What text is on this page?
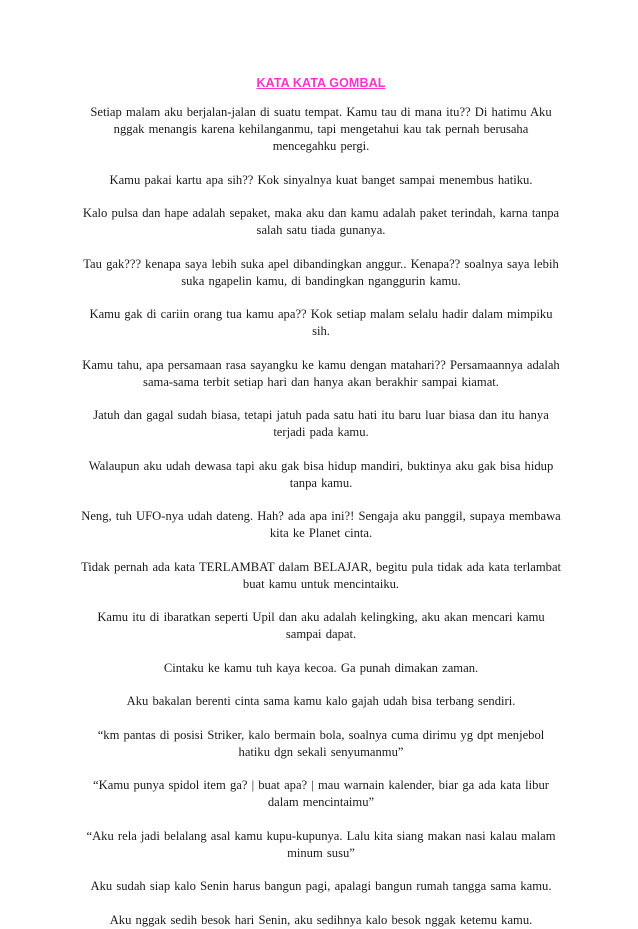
KATA KATA GOMBAL

Setiap malam aku berjalan-jalan di suatu tempat. Kamu tau di mana itu?? Di hatimu Aku nggak menangis karena kehilanganmu, tapi mengetahui kau tak pernah berusaha mencegahku pergi.

Kamu pakai kartu apa sih?? Kok sinyalnya kuat banget sampai menembus hatiku.

Kalo pulsa dan hape adalah sepaket, maka aku dan kamu adalah paket terindah, karna tanpa salah satu tiada gunanya.

Tau gak??? kenapa saya lebih suka apel dibandingkan anggur.. Kenapa?? soalnya saya lebih suka ngapelin kamu, di bandingkan nganggurin kamu.

Kamu gak di cariin orang tua kamu apa?? Kok setiap malam selalu hadir dalam mimpiku sih.

Kamu tahu, apa persamaan rasa sayangku ke kamu dengan matahari?? Persamaannya adalah sama-sama terbit setiap hari dan hanya akan berakhir sampai kiamat.

Jatuh dan gagal sudah biasa, tetapi jatuh pada satu hati itu baru luar biasa dan itu hanya terjadi pada kamu.

Walaupun aku udah dewasa tapi aku gak bisa hidup mandiri, buktinya aku gak bisa hidup tanpa kamu.

Neng, tuh UFO-nya udah dateng. Hah? ada apa ini?! Sengaja aku panggil, supaya membawa kita ke Planet cinta.

Tidak pernah ada kata TERLAMBAT dalam BELAJAR, begitu pula tidak ada kata terlambat buat kamu untuk mencintaiku.

Kamu itu di ibaratkan seperti Upil dan aku adalah kelingking, aku akan mencari kamu sampai dapat.

Cintaku ke kamu tuh kaya kecoa. Ga punah dimakan zaman.

Aku bakalan berenti cinta sama kamu kalo gajah udah bisa terbang sendiri.

“km pantas di posisi Striker, kalo bermain bola, soalnya cuma dirimu yg dpt menjebol hatiku dgn sekali senyumanmu”

“Kamu punya spidol item ga? | buat apa? | mau warnain kalender, biar ga ada kata libur dalam mencintaimu”

“Aku rela jadi belalang asal kamu kupu-kupunya. Lalu kita siang makan nasi kalau malam minum susu”

Aku sudah siap kalo Senin harus bangun pagi, apalagi bangun rumah tangga sama kamu.

Aku nggak sedih besok hari Senin, aku sedihnya kalo besok nggak ketemu kamu.
